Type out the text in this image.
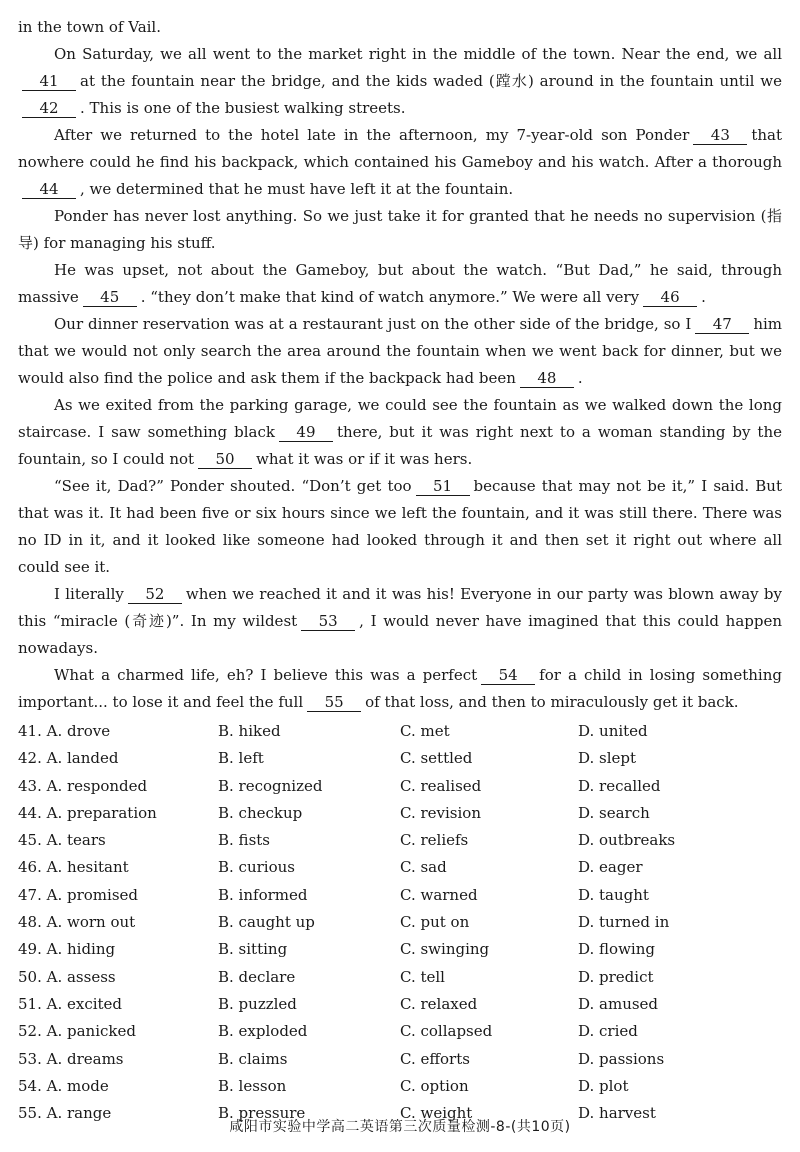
in the town of Vail.

On Saturday, we all went to the market right in the middle of the town. Near the end, we all41 at the fountain near the bridge, and the kids waded (蹚水) around in the fountain until we42 . This is one of the busiest walking streets.

After we returned to the hotel late in the afternoon, my 7-year-old son Ponder 43 that nowhere could he find his backpack, which contained his Gameboy and his watch. After a thorough44 , we determined that he must have left it at the fountain.

Ponder has never lost anything. So we just take it for granted that he needs no supervision (指导) for managing his stuff.

He was upset, not about the Gameboy, but about the watch. “But Dad,” he said, through massive 45 . “they don’t make that kind of watch anymore.” We were all very 46 .

Our dinner reservation was at a restaurant just on the other side of the bridge, so I 47 him that we would not only search the area around the fountain when we went back for dinner, but we would also find the police and ask them if the backpack had been 48 .

As we exited from the parking garage, we could see the fountain as we walked down the long staircase. I saw something black 49 there, but it was right next to a woman standing by the fountain, so I could not 50 what it was or if it was hers.

“See it, Dad?” Ponder shouted. “Don’t get too 51 because that may not be it,” I said. But that was it. It had been five or six hours since we left the fountain, and it was still there. There was no ID in it, and it looked like someone had looked through it and then set it right out where all could see it.

I literally 52 when we reached it and it was his! Everyone in our party was blown away by this “miracle (奇迹)”. In my wildest 53 , I would never have imagined that this could happen nowadays.

What a charmed life, eh? I believe this was a perfect 54 for a child in losing something important... to lose it and feel the full 55 of that loss, and then to miraculously get it back.

41. A. drove	B. hiked	C. met	D. united
42. A. landed	B. left	C. settled	D. slept
43. A. responded	B. recognized	C. realised	D. recalled
44. A. preparation	B. checkup	C. revision	D. search
45. A. tears	B. fists	C. reliefs	D. outbreaks
46. A. hesitant	B. curious	C. sad	D. eager
47. A. promised	B. informed	C. warned	D. taught
48. A. worn out	B. caught up	C. put on	D. turned in
49. A. hiding	B. sitting	C. swinging	D. flowing
50. A. assess	B. declare	C. tell	D. predict
51. A. excited	B. puzzled	C. relaxed	D. amused
52. A. panicked	B. exploded	C. collapsed	D. cried
53. A. dreams	B. claims	C. efforts	D. passions
54. A. mode	B. lesson	C. option	D. plot
55. A. range	B. pressure	C. weight	D. harvest
咸阳市实验中学高二英语第三次质量检测-8-(共10页)
